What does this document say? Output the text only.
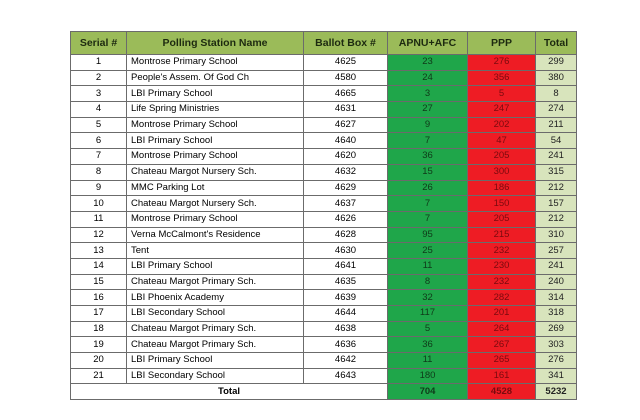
Serial #	Polling Station Name	Ballot Box #	APNU+AFC	PPP	Total
1	Montrose Primary School	4625	23	276	299
2	People's Assem. Of God Ch	4580	24	356	380
3	LBI Primary School	4665	3	5	8
4	Life Spring Ministries	4631	27	247	274
5	Montrose Primary School	4627	9	202	211
6	LBI Primary School	4640	7	47	54
7	Montrose Primary School	4620	36	205	241
8	Chateau Margot Nursery Sch.	4632	15	300	315
9	MMC Parking Lot	4629	26	186	212
10	Chateau Margot Nursery Sch.	4637	7	150	157
11	Montrose Primary School	4626	7	205	212
12	Verna McCalmont's Residence	4628	95	215	310
13	Tent	4630	25	232	257
14	LBI Primary School	4641	11	230	241
15	Chateau Margot Primary Sch.	4635	8	232	240
16	LBI Phoenix Academy	4639	32	282	314
17	LBI Secondary School	4644	117	201	318
18	Chateau Margot Primary Sch.	4638	5	264	269
19	Chateau Margot Primary Sch.	4636	36	267	303
20	LBI Primary School	4642	11	265	276
21	LBI Secondary School	4643	180	161	341
Total			704	4528	5232
